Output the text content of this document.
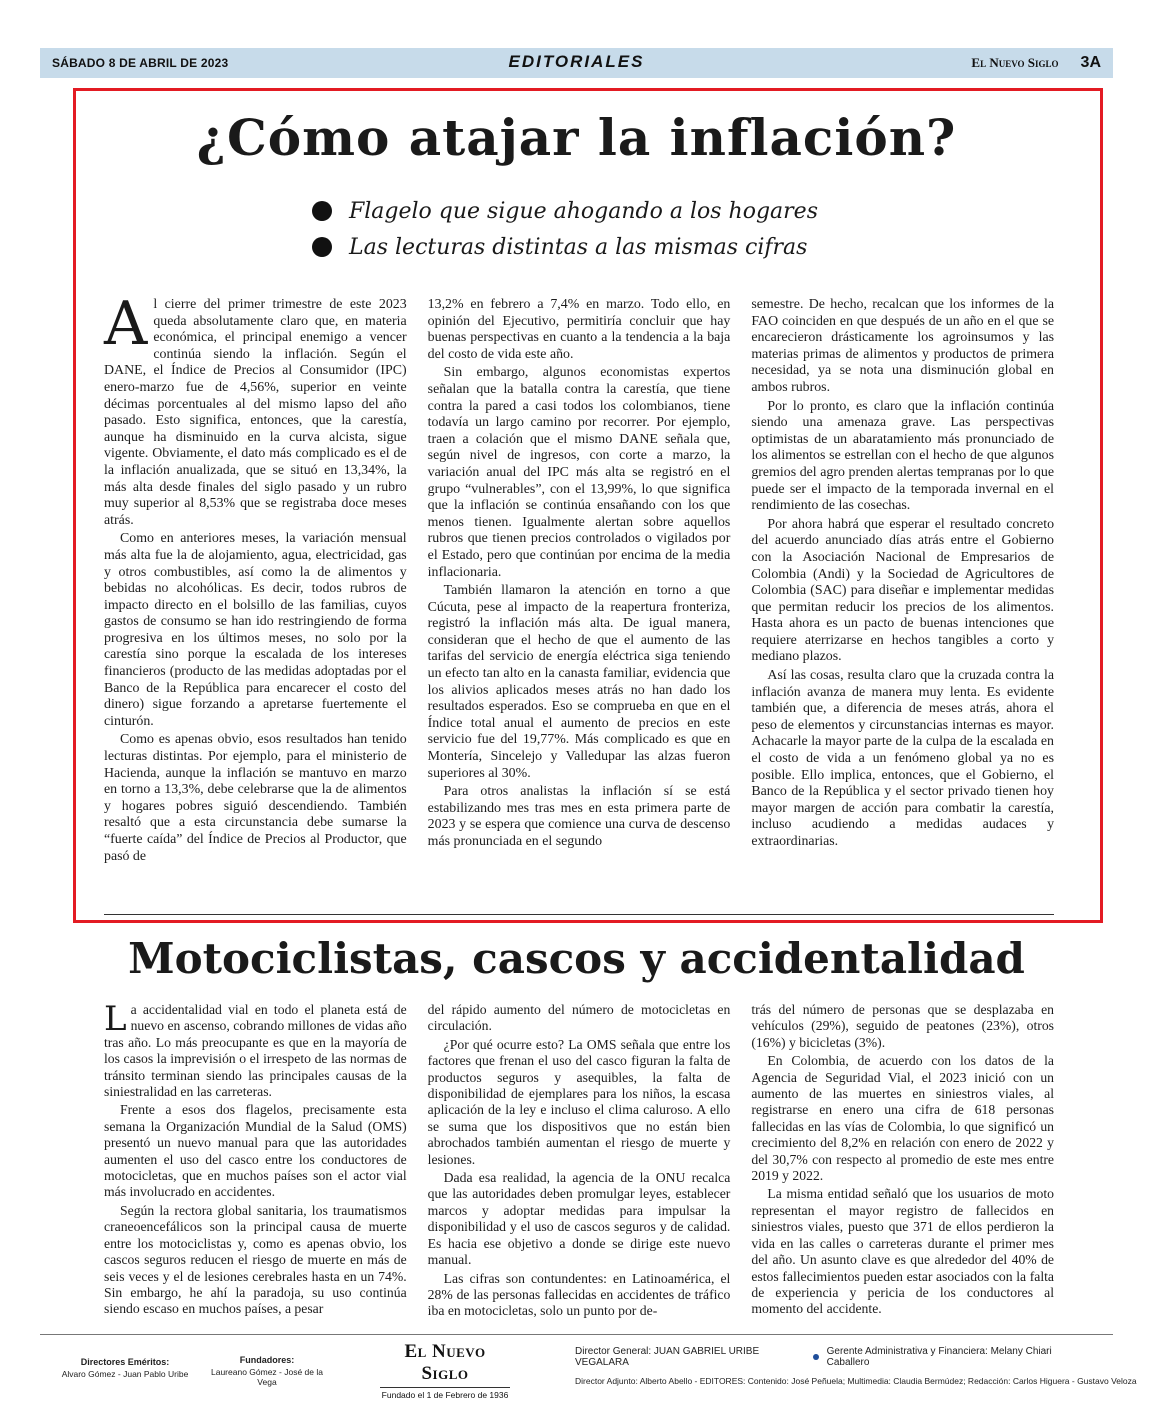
SÁBADO 8 DE ABRIL DE 2023	EDITORIALES	El Nuevo Siglo 3A
¿Cómo atajar la inflación?
Flagelo que sigue ahogando a los hogares
Las lecturas distintas a las mismas cifras

Al cierre del primer trimestre de este 2023 queda absolutamente claro que, en materia económica, el principal enemigo a vencer continúa siendo la inflación. Según el DANE, el Índice de Precios al Consumidor (IPC) enero-marzo fue de 4,56%, superior en veinte décimas porcentuales al del mismo lapso del año pasado. Esto significa, entonces, que la carestía, aunque ha disminuido en la curva alcista, sigue vigente. Obviamente, el dato más complicado es el de la inflación anualizada, que se situó en 13,34%, la más alta desde finales del siglo pasado y un rubro muy superior al 8,53% que se registraba doce meses atrás.

Como en anteriores meses, la variación mensual más alta fue la de alojamiento, agua, electricidad, gas y otros combustibles, así como la de alimentos y bebidas no alcohólicas. Es decir, todos rubros de impacto directo en el bolsillo de las familias, cuyos gastos de consumo se han ido restringiendo de forma progresiva en los últimos meses, no solo por la carestía sino porque la escalada de los intereses financieros (producto de las medidas adoptadas por el Banco de la República para encarecer el costo del dinero) sigue forzando a apretarse fuertemente el cinturón.

Como es apenas obvio, esos resultados han tenido lecturas distintas. Por ejemplo, para el ministerio de Hacienda, aunque la inflación se mantuvo en marzo en torno a 13,3%, debe celebrarse que la de alimentos y hogares pobres siguió descendiendo. También resaltó que a esta circunstancia debe sumarse la “fuerte caída” del Índice de Precios al Productor, que pasó de

13,2% en febrero a 7,4% en marzo. Todo ello, en opinión del Ejecutivo, permitiría concluir que hay buenas perspectivas en cuanto a la tendencia a la baja del costo de vida este año.

Sin embargo, algunos economistas expertos señalan que la batalla contra la carestía, que tiene contra la pared a casi todos los colombianos, tiene todavía un largo camino por recorrer. Por ejemplo, traen a colación que el mismo DANE señala que, según nivel de ingresos, con corte a marzo, la variación anual del IPC más alta se registró en el grupo “vulnerables”, con el 13,99%, lo que significa que la inflación se continúa ensañando con los que menos tienen. Igualmente alertan sobre aquellos rubros que tienen precios controlados o vigilados por el Estado, pero que continúan por encima de la media inflacionaria.

También llamaron la atención en torno a que Cúcuta, pese al impacto de la reapertura fronteriza, registró la inflación más alta. De igual manera, consideran que el hecho de que el aumento de las tarifas del servicio de energía eléctrica siga teniendo un efecto tan alto en la canasta familiar, evidencia que los alivios aplicados meses atrás no han dado los resultados esperados. Eso se comprueba en que en el Índice total anual el aumento de precios en este servicio fue del 19,77%. Más complicado es que en Montería, Sincelejo y Valledupar las alzas fueron superiores al 30%.

Para otros analistas la inflación sí se está estabilizando mes tras mes en esta primera parte de 2023 y se espera que comience una curva de descenso más pronunciada en el segundo

semestre. De hecho, recalcan que los informes de la FAO coinciden en que después de un año en el que se encarecieron drásticamente los agroinsumos y las materias primas de alimentos y productos de primera necesidad, ya se nota una disminución global en ambos rubros.

Por lo pronto, es claro que la inflación continúa siendo una amenaza grave. Las perspectivas optimistas de un abaratamiento más pronunciado de los alimentos se estrellan con el hecho de que algunos gremios del agro prenden alertas tempranas por lo que puede ser el impacto de la temporada invernal en el rendimiento de las cosechas.

Por ahora habrá que esperar el resultado concreto del acuerdo anunciado días atrás entre el Gobierno con la Asociación Nacional de Empresarios de Colombia (Andi) y la Sociedad de Agricultores de Colombia (SAC) para diseñar e implementar medidas que permitan reducir los precios de los alimentos. Hasta ahora es un pacto de buenas intenciones que requiere aterrizarse en hechos tangibles a corto y mediano plazos.

Así las cosas, resulta claro que la cruzada contra la inflación avanza de manera muy lenta. Es evidente también que, a diferencia de meses atrás, ahora el peso de elementos y circunstancias internas es mayor. Achacarle la mayor parte de la culpa de la escalada en el costo de vida a un fenómeno global ya no es posible. Ello implica, entonces, que el Gobierno, el Banco de la República y el sector privado tienen hoy mayor margen de acción para combatir la carestía, incluso acudiendo a medidas audaces y extraordinarias.

Motociclistas, cascos y accidentalidad

La accidentalidad vial en todo el planeta está de nuevo en ascenso, cobrando millones de vidas año tras año. Lo más preocupante es que en la mayoría de los casos la imprevisión o el irrespeto de las normas de tránsito terminan siendo las principales causas de la siniestralidad en las carreteras.

Frente a esos dos flagelos, precisamente esta semana la Organización Mundial de la Salud (OMS) presentó un nuevo manual para que las autoridades aumenten el uso del casco entre los conductores de motocicletas, que en muchos países son el actor vial más involucrado en accidentes.

Según la rectora global sanitaria, los traumatismos craneoencefálicos son la principal causa de muerte entre los motociclistas y, como es apenas obvio, los cascos seguros reducen el riesgo de muerte en más de seis veces y el de lesiones cerebrales hasta en un 74%. Sin embargo, he ahí la paradoja, su uso continúa siendo escaso en muchos países, a pesar

del rápido aumento del número de motocicletas en circulación.

¿Por qué ocurre esto? La OMS señala que entre los factores que frenan el uso del casco figuran la falta de productos seguros y asequibles, la falta de disponibilidad de ejemplares para los niños, la escasa aplicación de la ley e incluso el clima caluroso. A ello se suma que los dispositivos que no están bien abrochados también aumentan el riesgo de muerte y lesiones.

Dada esa realidad, la agencia de la ONU recalca que las autoridades deben promulgar leyes, establecer marcos y adoptar medidas para impulsar la disponibilidad y el uso de cascos seguros y de calidad. Es hacia ese objetivo a donde se dirige este nuevo manual.

Las cifras son contundentes: en Latinoamérica, el 28% de las personas fallecidas en accidentes de tráfico iba en motocicletas, solo un punto por de-

trás del número de personas que se desplazaba en vehículos (29%), seguido de peatones (23%), otros (16%) y bicicletas (3%).

En Colombia, de acuerdo con los datos de la Agencia de Seguridad Vial, el 2023 inició con un aumento de las muertes en siniestros viales, al registrarse en enero una cifra de 618 personas fallecidas en las vías de Colombia, lo que significó un crecimiento del 8,2% en relación con enero de 2022 y del 30,7% con respecto al promedio de este mes entre 2019 y 2022.

La misma entidad señaló que los usuarios de moto representan el mayor registro de fallecidos en siniestros viales, puesto que 371 de ellos perdieron la vida en las calles o carreteras durante el primer mes del año. Un asunto clave es que alrededor del 40% de estos fallecimientos pueden estar asociados con la falta de experiencia y pericia de los conductores al momento del accidente.

Directores Eméritos:
Alvaro Gómez - Juan Pablo Uribe
Fundadores:
Laureano Gómez - José de la Vega
El Nuevo Siglo
Fundado el 1 de Febrero de 1936
Director General: JUAN GABRIEL URIBE VEGALARA
Gerente Administrativa y Financiera: Melany Chiari Caballero
Director Adjunto: Alberto Abello - EDITORES: Contenido: José Peñuela; Multimedia: Claudia Bermúdez; Redacción: Carlos Higuera - Gustavo Veloza
